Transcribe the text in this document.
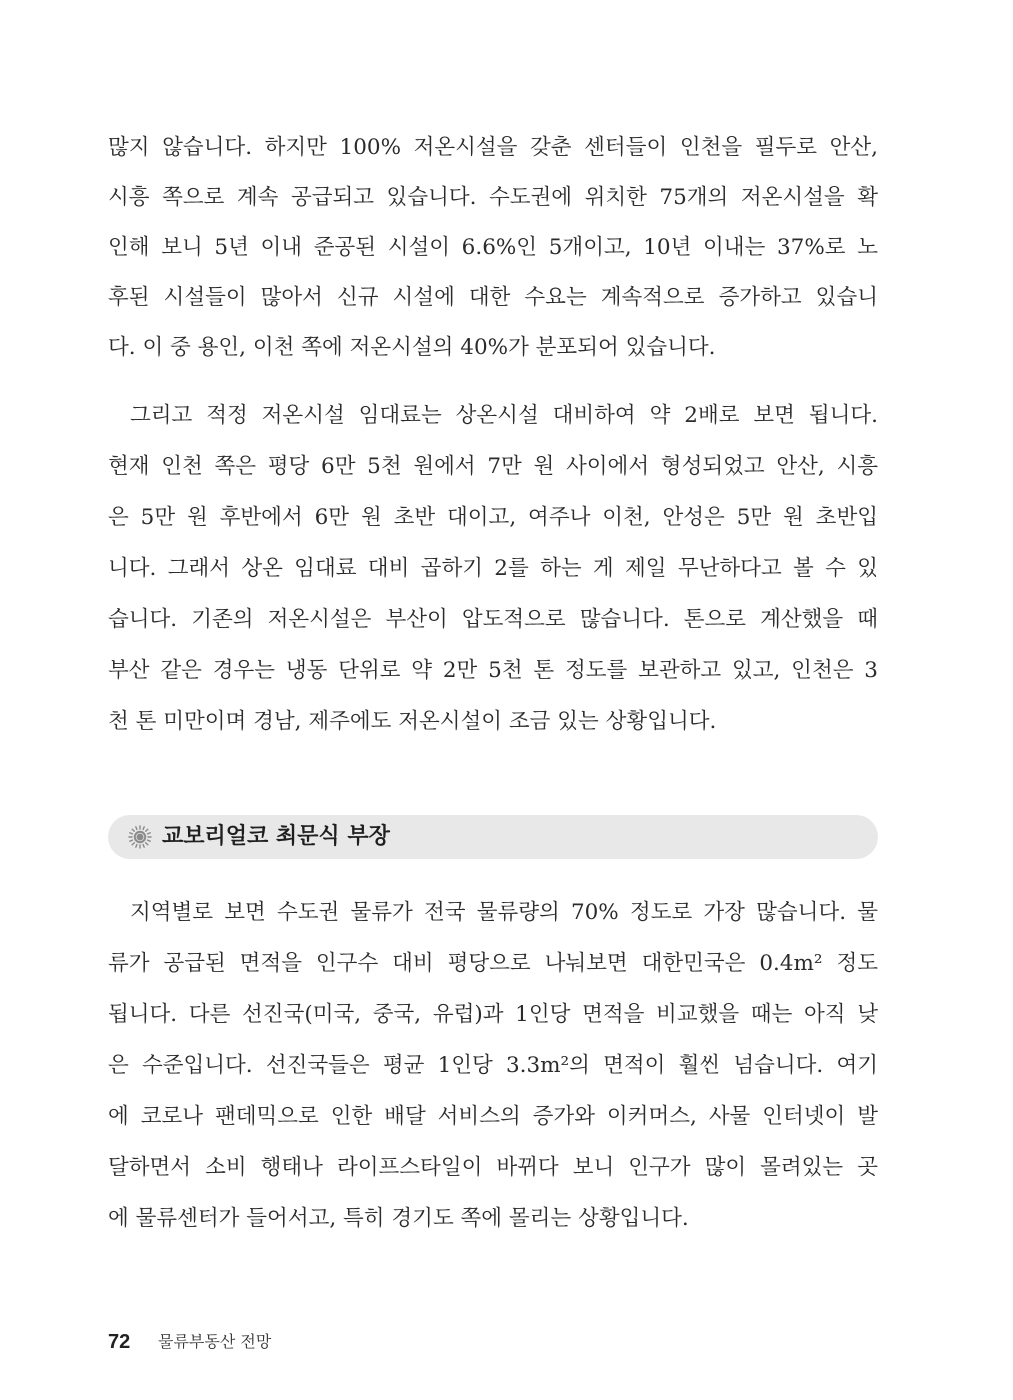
많지 않습니다. 하지만 100% 저온시설을 갖춘 센터들이 인천을 필두로 안산,
시흥 쪽으로 계속 공급되고 있습니다. 수도권에 위치한 75개의 저온시설을 확
인해 보니 5년 이내 준공된 시설이 6.6%인 5개이고, 10년 이내는 37%로 노
후된 시설들이 많아서 신규 시설에 대한 수요는 계속적으로 증가하고 있습니
다. 이 중 용인, 이천 쪽에 저온시설의 40%가 분포되어 있습니다.
그리고 적정 저온시설 임대료는 상온시설 대비하여 약 2배로 보면 됩니다.
현재 인천 쪽은 평당 6만 5천 원에서 7만 원 사이에서 형성되었고 안산, 시흥
은 5만 원 후반에서 6만 원 초반 대이고, 여주나 이천, 안성은 5만 원 초반입
니다. 그래서 상온 임대료 대비 곱하기 2를 하는 게 제일 무난하다고 볼 수 있
습니다. 기존의 저온시설은 부산이 압도적으로 많습니다. 톤으로 계산했을 때
부산 같은 경우는 냉동 단위로 약 2만 5천 톤 정도를 보관하고 있고, 인천은 3
천 톤 미만이며 경남, 제주에도 저온시설이 조금 있는 상황입니다.
교보리얼코 최문식 부장
지역별로 보면 수도권 물류가 전국 물류량의 70% 정도로 가장 많습니다. 물
류가 공급된 면적을 인구수 대비 평당으로 나눠보면 대한민국은 0.4m² 정도
됩니다. 다른 선진국(미국, 중국, 유럽)과 1인당 면적을 비교했을 때는 아직 낮
은 수준입니다. 선진국들은 평균 1인당 3.3m²의 면적이 훨씬 넘습니다. 여기
에 코로나 팬데믹으로 인한 배달 서비스의 증가와 이커머스, 사물 인터넷이 발
달하면서 소비 행태나 라이프스타일이 바뀌다 보니 인구가 많이 몰려있는 곳
에 물류센터가 들어서고, 특히 경기도 쪽에 몰리는 상황입니다.
72 물류부동산 전망
